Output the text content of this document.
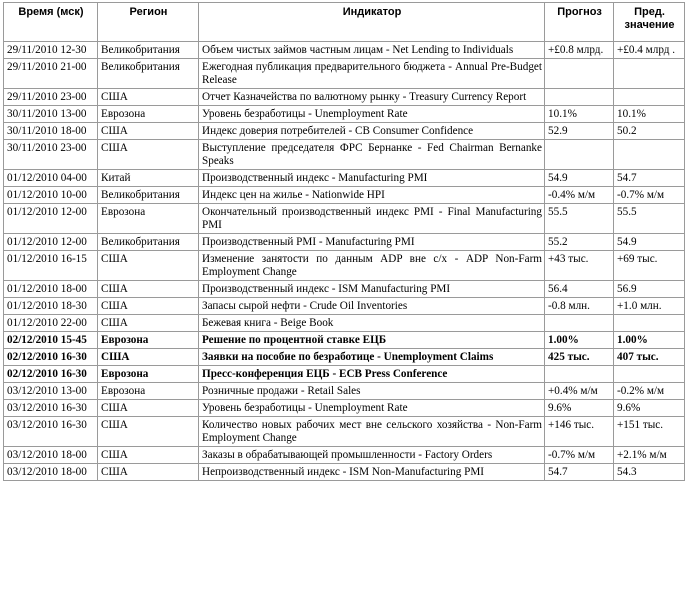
Время (мск)	Регион	Индикатор	Прогноз	Пред. значение
29/11/2010 12-30	Великобритания	Объем чистых займов частным лицам - Net Lending to Individuals	+£0.8 млрд.	+£0.4 млрд .
29/11/2010 21-00	Великобритания	Ежегодная публикация предварительного бюджета - Annual Pre-Budget Release		
29/11/2010 23-00	США	Отчет Казначейства по валютному рынку - Treasury Currency Report		
30/11/2010 13-00	Еврозона	Уровень безработицы - Unemployment Rate	10.1%	10.1%
30/11/2010 18-00	США	Индекс доверия потребителей - CB Consumer Confidence	52.9	50.2
30/11/2010 23-00	США	Выступление председателя ФРС Бернанке - Fed Chairman Bernanke Speaks		
01/12/2010 04-00	Китай	Производственный индекс - Manufacturing PMI	54.9	54.7
01/12/2010 10-00	Великобритания	Индекс цен на жилье - Nationwide HPI	-0.4% м/м	-0.7% м/м
01/12/2010 12-00	Еврозона	Окончательный производственный индекс PMI - Final Manufacturing PMI	55.5	55.5
01/12/2010 12-00	Великобритания	Производственный PMI - Manufacturing PMI	55.2	54.9
01/12/2010 16-15	США	Изменение занятости по данным ADP вне с/х - ADP Non-Farm Employment Change	+43 тыс.	+69 тыс.
01/12/2010 18-00	США	Производственный индекс - ISM Manufacturing PMI	56.4	56.9
01/12/2010 18-30	США	Запасы сырой нефти - Crude Oil Inventories	-0.8 млн.	+1.0 млн.
01/12/2010 22-00	США	Бежевая книга - Beige Book		
02/12/2010 15-45	Еврозона	Решение по процентной ставке ЕЦБ	1.00%	1.00%
02/12/2010 16-30	США	Заявки на пособие по безработице - Unemployment Claims	425 тыс.	407 тыс.
02/12/2010 16-30	Еврозона	Пресс-конференция ЕЦБ - ECB Press Conference		
03/12/2010 13-00	Еврозона	Розничные продажи - Retail Sales	+0.4% м/м	-0.2% м/м
03/12/2010 16-30	США	Уровень безработицы - Unemployment Rate	9.6%	9.6%
03/12/2010 16-30	США	Количество новых рабочих мест вне сельского хозяйства - Non-Farm Employment Change	+146 тыс.	+151 тыс.
03/12/2010 18-00	США	Заказы в обрабатывающей промышленности - Factory Orders	-0.7% м/м	+2.1% м/м
03/12/2010 18-00	США	Непроизводственный индекс - ISM Non-Manufacturing PMI	54.7	54.3
